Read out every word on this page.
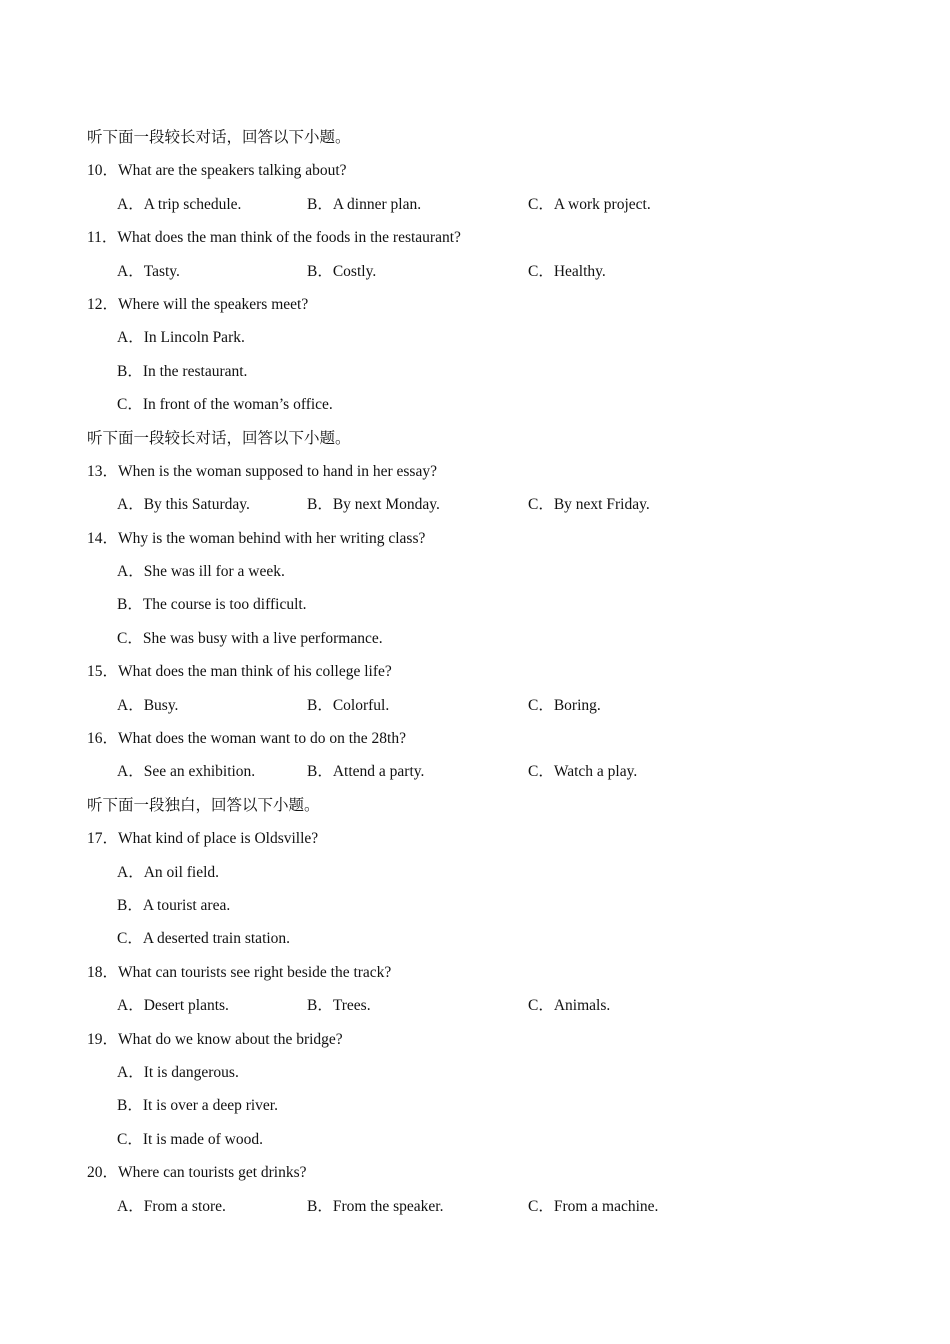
听下面一段较长对话，回答以下小题。
10．What are the speakers talking about?
A．A trip schedule.	B．A dinner plan.	C．A work project.
11．What does the man think of the foods in the restaurant?
A．Tasty.	B．Costly.	C．Healthy.
12．Where will the speakers meet?
A．In Lincoln Park.
B．In the restaurant.
C．In front of the woman’s office.
听下面一段较长对话，回答以下小题。
13．When is the woman supposed to hand in her essay?
A．By this Saturday.	B．By next Monday.	C．By next Friday.
14．Why is the woman behind with her writing class?
A．She was ill for a week.
B．The course is too difficult.
C．She was busy with a live performance.
15．What does the man think of his college life?
A．Busy.	B．Colorful.	C．Boring.
16．What does the woman want to do on the 28th?
A．See an exhibition.	B．Attend a party.	C．Watch a play.
听下面一段独白，回答以下小题。
17．What kind of place is Oldsville?
A．An oil field.
B．A tourist area.
C．A deserted train station.
18．What can tourists see right beside the track?
A．Desert plants.	B．Trees.	C．Animals.
19．What do we know about the bridge?
A．It is dangerous.
B．It is over a deep river.
C．It is made of wood.
20．Where can tourists get drinks?
A．From a store.	B．From the speaker.	C．From a machine.
